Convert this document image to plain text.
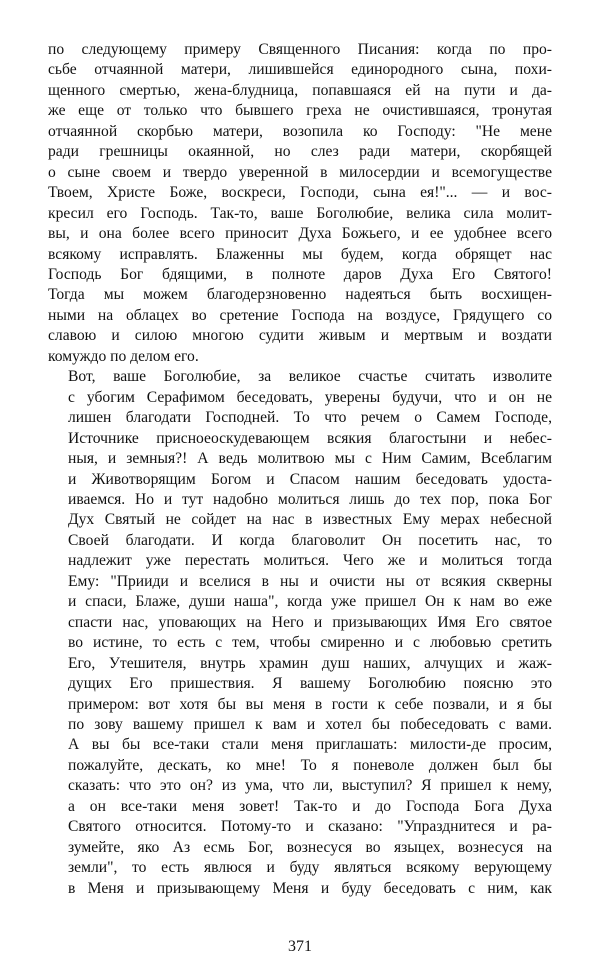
по следующему примеру Священного Писания: когда по про-
сьбе отчаянной матери, лишившейся единородного сына, похи-
щенного смертью, жена-блудница, попавшаяся ей на пути и да-
же еще от только что бывшего греха не очистившаяся, тронутая
отчаянной скорбью матери, возопила ко Господу: "Не мене
ради грешницы окаянной, но слез ради матери, скорбящей
о сыне своем и твердо уверенной в милосердии и всемогуществе
Твоем, Христе Боже, воскреси, Господи, сына ея!"... — и вос-
кресил его Господь. Так-то, ваше Боголюбие, велика сила молит-
вы, и она более всего приносит Духа Божьего, и ее удобнее всего
всякому исправлять. Блаженны мы будем, когда обрящет нас
Господь Бог бдящими, в полноте даров Духа Его Святого!
Тогда мы можем благодерзновенно надеяться быть восхищен-
ными на облацех во сретение Господа на воздусе, Грядущего со
славою и силою многою судити живым и мертвым и воздати
комуждо по делом его.
Вот, ваше Боголюбие, за великое счастье считать изволите
с убогим Серафимом беседовать, уверены будучи, что и он не
лишен благодати Господней. То что речем о Самем Господе,
Источнике присноеоскудевающем всякия благостыни и небес-
ныя, и земныя?! А ведь молитвою мы с Ним Самим, Всеблагим
и Животворящим Богом и Спасом нашим беседовать удоста-
иваемся. Но и тут надобно молиться лишь до тех пор, пока Бог
Дух Святый не сойдет на нас в известных Ему мерах небесной
Своей благодати. И когда благоволит Он посетить нас, то
надлежит уже перестать молиться. Чего же и молиться тогда
Ему: "Прииди и вселися в ны и очисти ны от всякия скверны
и спаси, Блаже, души наша", когда уже пришел Он к нам во еже
спасти нас, уповающих на Него и призывающих Имя Его святое
во истине, то есть с тем, чтобы смиренно и с любовью сретить
Его, Утешителя, внутрь храмин душ наших, алчущих и жаж-
дущих Его пришествия. Я вашему Боголюбию поясню это
примером: вот хотя бы вы меня в гости к себе позвали, и я бы
по зову вашему пришел к вам и хотел бы побеседовать с вами.
А вы бы все-таки стали меня приглашать: милости-де просим,
пожалуйте, дескать, ко мне! То я поневоле должен был бы
сказать: что это он? из ума, что ли, выступил? Я пришел к нему,
а он все-таки меня зовет! Так-то и до Господа Бога Духа
Святого относится. Потому-то и сказано: "Упразднитеся и ра-
зумейте, яко Аз есмь Бог, вознесуся во языцех, вознесуся на
земли", то есть явлюся и буду являться всякому верующему
в Меня и призывающему Меня и буду беседовать с ним, как
371
